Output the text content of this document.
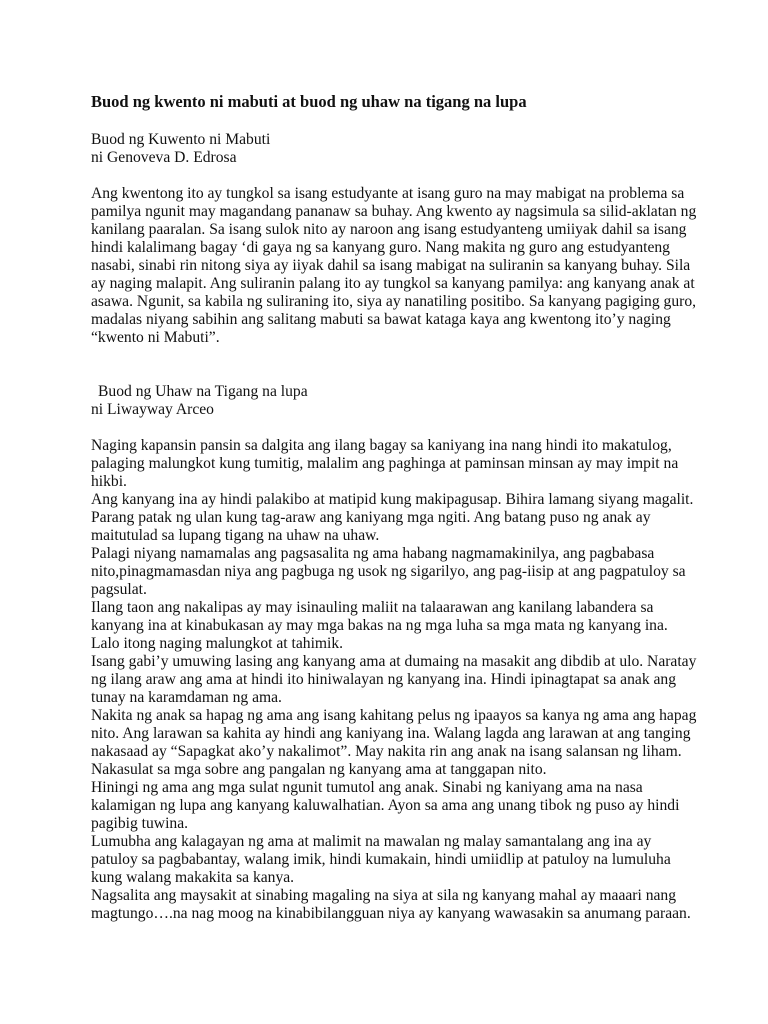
Buod ng kwento ni mabuti at buod ng uhaw na tigang na lupa
Buod ng Kuwento ni Mabuti
ni Genoveva D. Edrosa
Ang kwentong ito ay tungkol sa isang estudyante at isang guro na may mabigat na problema sa
pamilya ngunit may magandang pananaw sa buhay. Ang kwento ay nagsimula sa silid-aklatan ng
kanilang paaralan. Sa isang sulok nito ay naroon ang isang estudyanteng umiiyak dahil sa isang
hindi kalalimang bagay ‘di gaya ng sa kanyang guro. Nang makita ng guro ang estudyanteng
nasabi, sinabi rin nitong siya ay iiyak dahil sa isang mabigat na suliranin sa kanyang buhay. Sila
ay naging malapit. Ang suliranin palang ito ay tungkol sa kanyang pamilya: ang kanyang anak at
asawa. Ngunit, sa kabila ng suliraning ito, siya ay nanatiling positibo. Sa kanyang pagiging guro,
madalas niyang sabihin ang salitang mabuti sa bawat kataga kaya ang kwentong ito’y naging
“kwento ni Mabuti”.
Buod ng Uhaw na Tigang na lupa
ni Liwayway Arceo
Naging kapansin pansin sa dalgita ang ilang bagay sa kaniyang ina nang hindi ito makatulog,
palaging malungkot kung tumitig, malalim ang paghinga at paminsan minsan ay may impit na
hikbi.
Ang kanyang ina ay hindi palakibo at matipid kung makipagusap. Bihira lamang siyang magalit.
Parang patak ng ulan kung tag-araw ang kaniyang mga ngiti. Ang batang puso ng anak ay
maitutulad sa lupang tigang na uhaw na uhaw.
Palagi niyang namamalas ang pagsasalita ng ama habang nagmamakinilya, ang pagbabasa
nito,pinagmamasdan niya ang pagbuga ng usok ng sigarilyo, ang pag-iisip at ang pagpatuloy sa
pagsulat.
Ilang taon ang nakalipas ay may isinauling maliit na talaarawan ang kanilang labandera sa
kanyang ina at kinabukasan ay may mga bakas na ng mga luha sa mga mata ng kanyang ina.
Lalo itong naging malungkot at tahimik.
Isang gabi’y umuwing lasing ang kanyang ama at dumaing na masakit ang dibdib at ulo. Naratay
ng ilang araw ang ama at hindi ito hiniwalayan ng kanyang ina. Hindi ipinagtapat sa anak ang
tunay na karamdaman ng ama.
Nakita ng anak sa hapag ng ama ang isang kahitang pelus ng ipaayos sa kanya ng ama ang hapag
nito. Ang larawan sa kahita ay hindi ang kaniyang ina. Walang lagda ang larawan at ang tanging
nakasaad ay “Sapagkat ako’y nakalimot”. May nakita rin ang anak na isang salansan ng liham.
Nakasulat sa mga sobre ang pangalan ng kanyang ama at tanggapan nito.
Hiningi ng ama ang mga sulat ngunit tumutol ang anak. Sinabi ng kaniyang ama na nasa
kalamigan ng lupa ang kanyang kaluwalhatian. Ayon sa ama ang unang tibok ng puso ay hindi
pagibig tuwina.
Lumubha ang kalagayan ng ama at malimit na mawalan ng malay samantalang ang ina ay
patuloy sa pagbabantay, walang imik, hindi kumakain, hindi umiidlip at patuloy na lumuluha
kung walang makakita sa kanya.
Nagsalita ang maysakit at sinabing magaling na siya at sila ng kanyang mahal ay maaari nang
magtungo….na nag moog na kinabibilangguan niya ay kanyang wawasakin sa anumang paraan.
